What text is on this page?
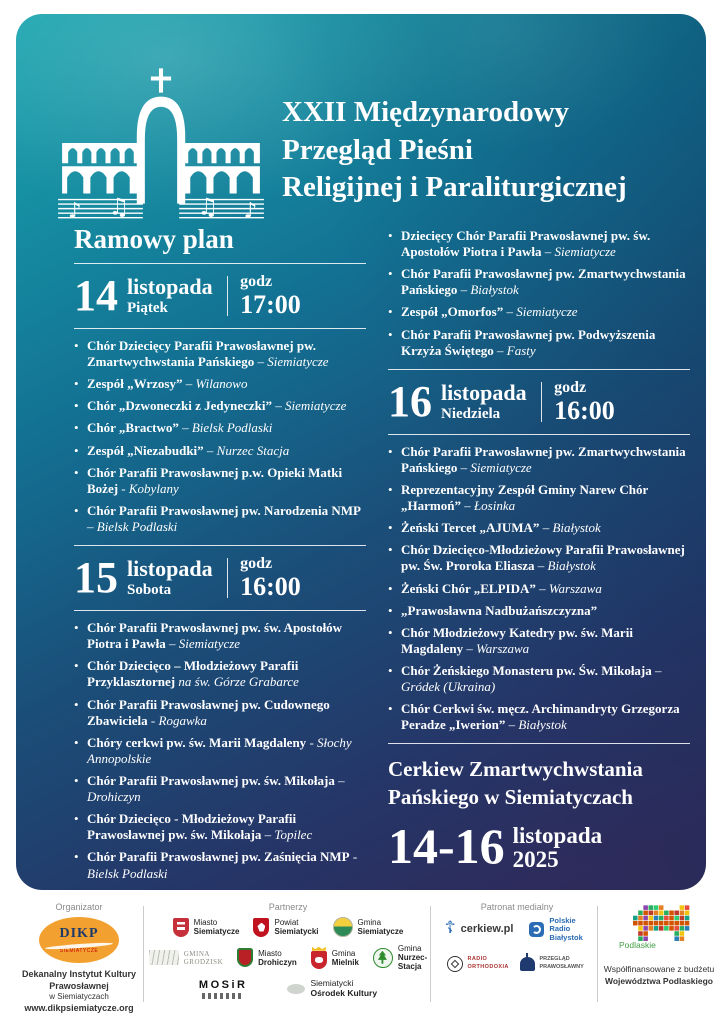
♪ ♫	♫ ♪
XXII Międzynarodowy
Przegląd Pieśni
Religijnej i Paraliturgicznej
Ramowy plan
14 listopada
Piątek
godz
17:00
• Chór Dziecięcy Parafii Prawosławnej pw. Zmartwychwstania Pańskiego – Siemiatycze
• Zespół „Wrzosy” – Wilanowo
• Chór „Dzwoneczki z Jedyneczki” – Siemiatycze
• Chór „Bractwo” – Bielsk Podlaski
• Zespół „Niezabudki” – Nurzec Stacja
• Chór Parafii Prawosławnej p.w. Opieki Matki Bożej - Kobylany
• Chór Parafii Prawosławnej pw. Narodzenia NMP – Bielsk Podlaski
15 listopada
Sobota
godz
16:00
• Chór Parafii Prawosławnej pw. św. Apostołów Piotra i Pawła – Siemiatycze
• Chór Dziecięco – Młodzieżowy Parafii Przyklasztornej na św. Górze Grabarce
• Chór Parafii Prawosławnej pw. Cudownego Zbawiciela - Rogawka
• Chóry cerkwi pw. św. Marii Magdaleny - Słochy Annopolskie
• Chór Parafii Prawosławnej pw. św. Mikołaja – Drohiczyn
• Chór Dziecięco - Młodzieżowy Parafii Prawosławnej pw. św. Mikołaja – Topilec
• Chór Parafii Prawosławnej pw. Zaśnięcia NMP - Bielsk Podlaski
• Dziecięcy Chór Parafii Prawosławnej pw. św. Apostołów Piotra i Pawła – Siemiatycze
• Chór Parafii Prawosławnej pw. Zmartwychwstania Pańskiego – Białystok
• Zespół „Omorfos” – Siemiatycze
• Chór Parafii Prawosławnej pw. Podwyższenia Krzyża Świętego – Fasty
16 listopada
Niedziela
godz
16:00
• Chór Parafii Prawosławnej pw. Zmartwychwstania Pańskiego – Siemiatycze
• Reprezentacyjny Zespół Gminy Narew Chór „Harmoń” – Łosinka
• Żeński Tercet „AJUMA” – Białystok
• Chór Dziecięco-Młodzieżowy Parafii Prawosławnej pw. Św. Proroka Eliasza – Białystok
• Żeński Chór „ELPIDA” – Warszawa
• „Prawosławna Nadbużańszczyzna”
• Chór Młodzieżowy Katedry pw. św. Marii Magdaleny – Warszawa
• Chór Żeńskiego Monasteru pw. Św. Mikołaja – Gródek (Ukraina)
• Chór Cerkwi św. męcz. Archimandryty Grzegorza Peradze „Iwerion” – Białystok
Cerkiew Zmartwychwstania
Pańskiego w Siemiatyczach
14-16 listopada
2025

Organizator

DIKP
SIEMIATYCZE
Dekanalny Instytut Kultury Prawosławnej
w Siemiatyczach
www.dikpsiemiatycze.org

Partnerzy

Miasto
Siemiatycze
Powiat
Siemiatycki
Gmina
Siemiatycze
GMINA
GRODZISK
Miasto
Drohiczyn
Gmina
Mielnik
Gmina
Nurzec-Stacja
MOSiR	Siemiatycki
Ośrodek Kultury

Patronat medialny

☦
cerkiew.pl
Polskie Radio Białystok
RADIO ORTHODOXIA
PRZEGLĄD PRAWOSŁAWNY
Podlaskie
Współfinansowane z budżetu
Województwa Podlaskiego
